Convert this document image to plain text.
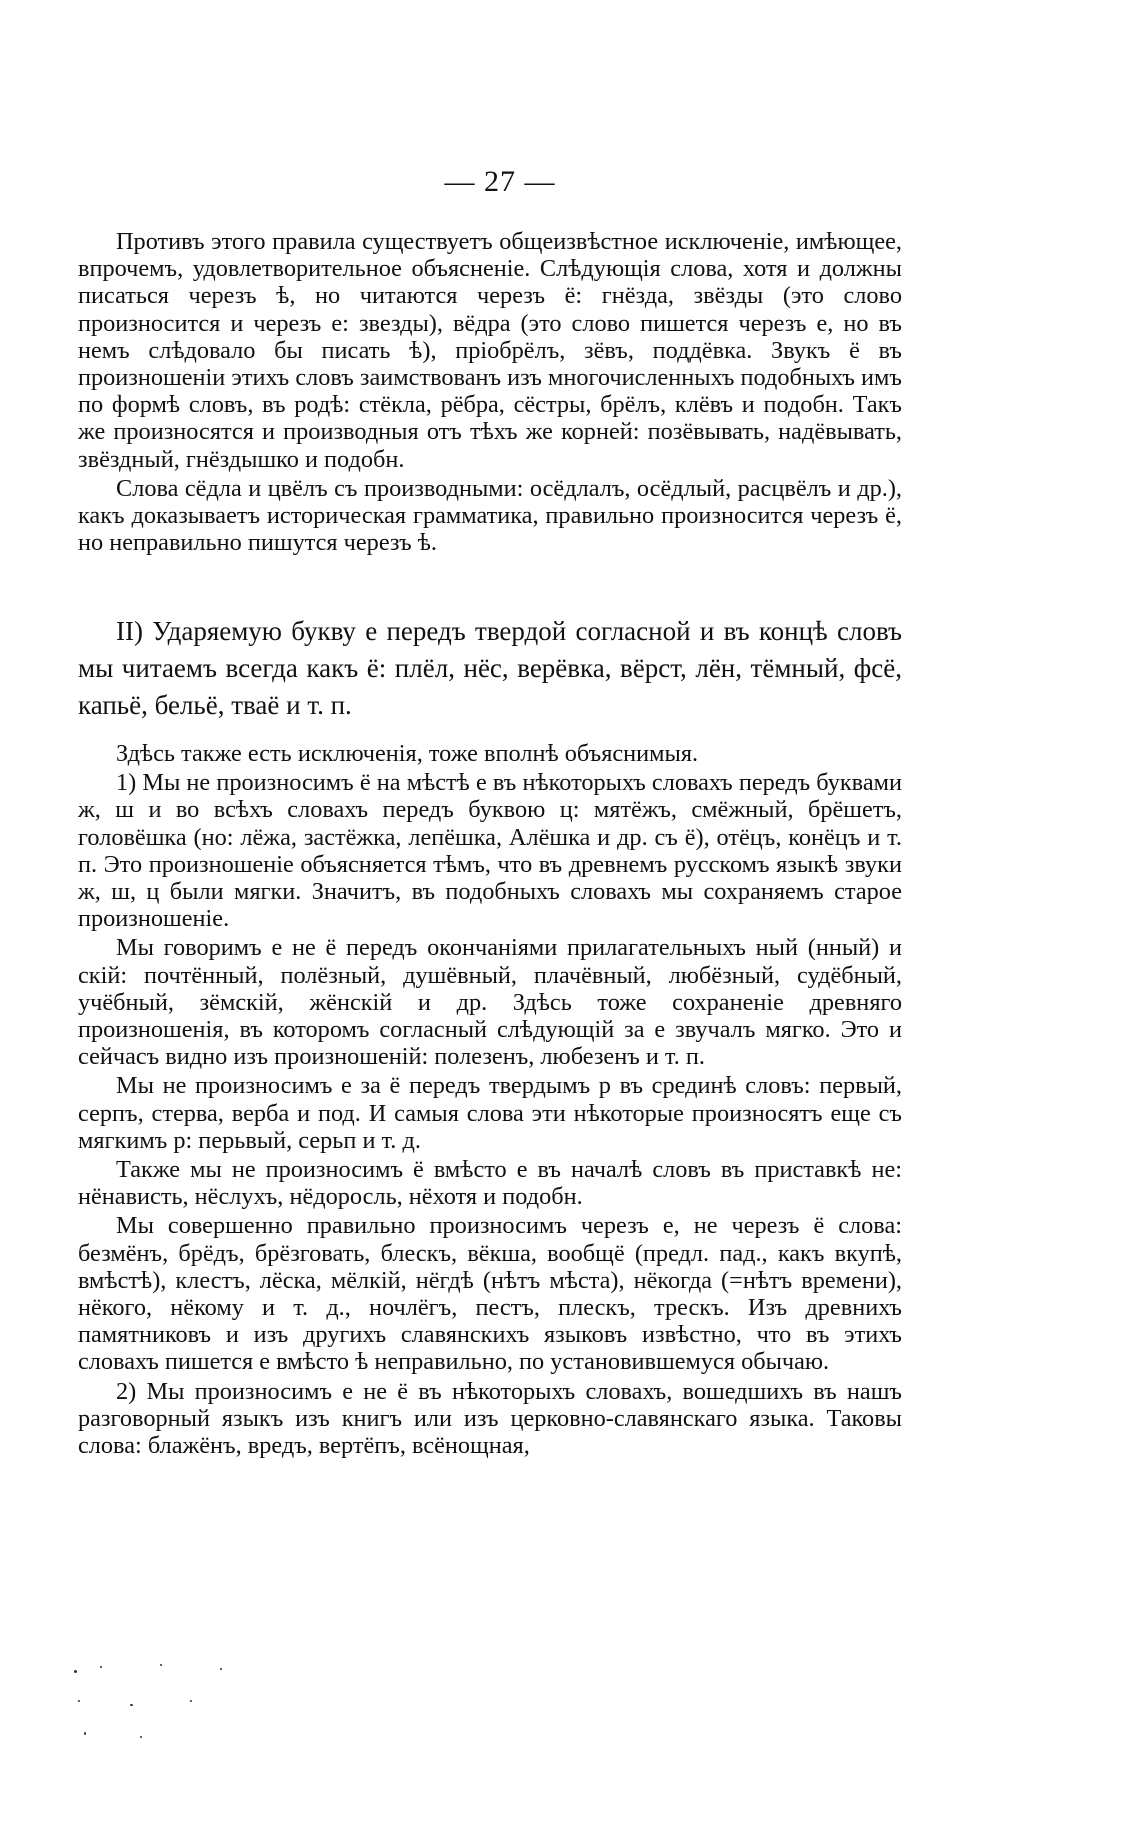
— 27 —

Противъ этого правила существуетъ общеизвѣстное исключеніе, имѣющее, впрочемъ, удовлетворительное объясненіе. Слѣдующія слова, хотя и должны писаться черезъ ѣ, но читаются черезъ ё: гнёзда, звёзды (это слово произносится и черезъ е: звезды), вёдра (это слово пишется черезъ е, но въ немъ слѣдовало бы писать ѣ), пріобрёлъ, зёвъ, поддёвка. Звукъ ё въ произношеніи этихъ словъ заимствованъ изъ многочисленныхъ подобныхъ имъ по формѣ словъ, въ родѣ: стёкла, рёбра, сёстры, брёлъ, клёвъ и подобн. Такъ же произносятся и производныя отъ тѣхъ же корней: позёвывать, надёвывать, звёздный, гнёздышко и подобн.

Слова сёдла и цвёлъ съ производными: осёдлалъ, осёдлый, расцвёлъ и др.), какъ доказываетъ историческая грамматика, правильно произносится черезъ ё, но неправильно пишутся черезъ ѣ.

II) Ударяемую букву е передъ твердой согласной и въ концѣ словъ мы читаемъ всегда какъ ё: плёл, нёс, верёвка, вёрст, лён, тёмный, фсё, капьё, бельё, тваё и т. п.

Здѣсь также есть исключенія, тоже вполнѣ объяснимыя.

1) Мы не произносимъ ё на мѣстѣ е въ нѣкоторыхъ словахъ передъ буквами ж, ш и во всѣхъ словахъ передъ буквою ц: мятёжъ, смёжный, брёшетъ, головёшка (но: лёжа, застёжка, лепёшка, Алёшка и др. съ ё), отёцъ, конёцъ и т. п. Это произношеніе объясняется тѣмъ, что въ древнемъ русскомъ языкѣ звуки ж, ш, ц были мягки. Значитъ, въ подобныхъ словахъ мы сохраняемъ старое произношеніе.

Мы говоримъ е не ё передъ окончаніями прилагательныхъ ный (нный) и скій: почтённый, полёзный, душёвный, плачёвный, любёзный, судёбный, учёбный, зёмскій, жёнскій и др. Здѣсь тоже сохраненіе древняго произношенія, въ которомъ согласный слѣдующій за е звучалъ мягко. Это и сейчасъ видно изъ произношеній: полезенъ, любезенъ и т. п.

Мы не произносимъ е за ё передъ твердымъ р въ срединѣ словъ: первый, серпъ, стерва, верба и под. И самыя слова эти нѣкоторые произносятъ еще съ мягкимъ р: перьвый, серьп и т. д.

Также мы не произносимъ ё вмѣсто е въ началѣ словъ въ приставкѣ не: нёнависть, нёслухъ, нёдоросль, нёхотя и подобн.

Мы совершенно правильно произносимъ черезъ е, не черезъ ё слова: безмёнъ, брёдъ, брёзговать, блескъ, вёкша, вообщё (предл. пад., какъ вкупѣ, вмѣстѣ), клестъ, лёска, мёлкій, нёгдѣ (нѣтъ мѣста), нёкогда (=нѣтъ времени), нёкого, нёкому и т. д., ночлёгъ, пестъ, плескъ, трескъ. Изъ древнихъ памятниковъ и изъ другихъ славянскихъ языковъ извѣстно, что въ этихъ словахъ пишется е вмѣсто ѣ неправильно, по установившемуся обычаю.

2) Мы произносимъ е не ё въ нѣкоторыхъ словахъ, вошедшихъ въ нашъ разговорный языкъ изъ книгъ или изъ церковно-славянскаго языка. Таковы слова: блажёнъ, вредъ, вертёпъ, всёнощная,
